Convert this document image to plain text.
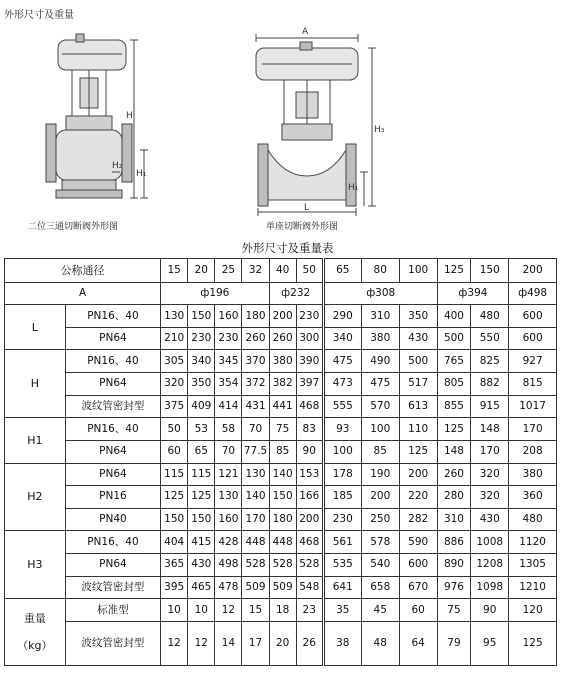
外形尺寸及重量
H
H₁
H₂
A
H₃
H₁
L
二位三通切断阀外形图	单座切断阀外形图
外形尺寸及重量表
公称通径		15	20	25	32	40	50	65	80	100	125	150	200
A		ф196				ф232		ф308			ф394		ф498
L	PN16、40	130	150	160	180	200	230	290	310	350	400	480	600
	PN64	210	230	230	260	260	300	340	380	430	500	550	600
H	PN16、40	305	340	345	370	380	390	475	490	500	765	825	927
	PN64	320	350	354	372	382	397	473	475	517	805	882	815
	波纹管密封型	375	409	414	431	441	468	555	570	613	855	915	1017
H1	PN16、40	50	53	58	70	75	83	93	100	110	125	148	170
	PN64	60	65	70	77.5	85	90	100	85	125	148	170	208
H2	PN64	115	115	121	130	140	153	178	190	200	260	320	380
	PN16	125	125	130	140	150	166	185	200	220	280	320	360
	PN40	150	150	160	170	180	200	230	250	282	310	430	480
H3	PN16、40	404	415	428	448	448	468	561	578	590	886	1008	1120
	PN64	365	430	498	528	528	528	535	540	600	890	1208	1305
	波纹管密封型	395	465	478	509	509	548	641	658	670	976	1098	1210
重量
（kg）	标准型	10	10	12	15	18	23	35	45	60	75	90	120
	波纹管密封型	12	12	14	17	20	26	38	48	64	79	95	125
